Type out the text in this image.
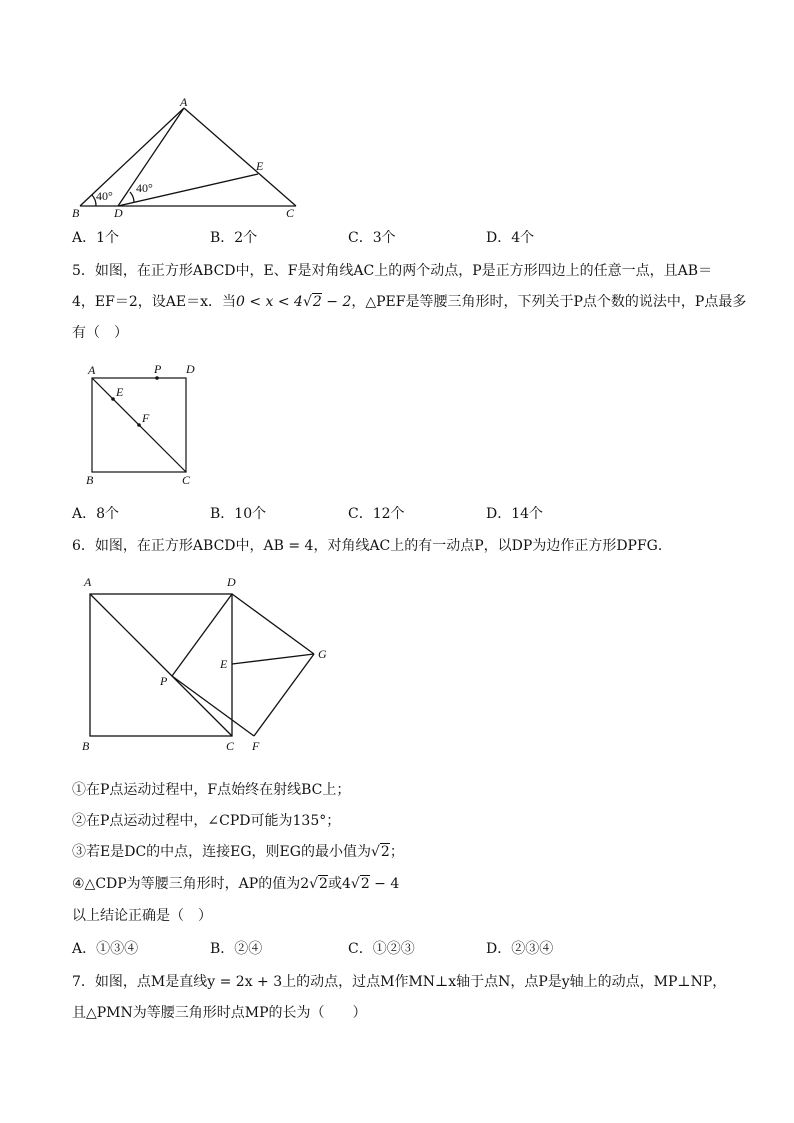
A
B	D	C
E
40°
40°
A．1个	B．2个	C．3个	D．4个
5．如图，在正方形ABCD中，E、F是对角线AC上的两个动点，P是正方形四边上的任意一点，且AB＝
4，EF＝2，设AE＝x．当0 < x < 4√2 − 2，△PEF是等腰三角形时，下列关于P点个数的说法中，P点最多
有（　）
A	P D
E
F
B	C
A．8个	B．10个	C．12个	D．14个
6．如图，在正方形ABCD中，AB = 4，对角线AC上的有一动点P，以DP为边作正方形DPFG．
A	D
G
E
P
B	C F
①在P点运动过程中，F点始终在射线BC上；
②在P点运动过程中，∠CPD可能为135°；
③若E是DC的中点，连接EG，则EG的最小值为√2；
④△CDP为等腰三角形时，AP的值为2√2或4√2 − 4
以上结论正确是（　）
A．①③④	B．②④	C．①②③	D．②③④
7．如图，点M是直线y = 2x + 3上的动点，过点M作MN⊥x轴于点N，点P是y轴上的动点，MP⊥NP，
且△PMN为等腰三角形时点MP的长为（　　）
